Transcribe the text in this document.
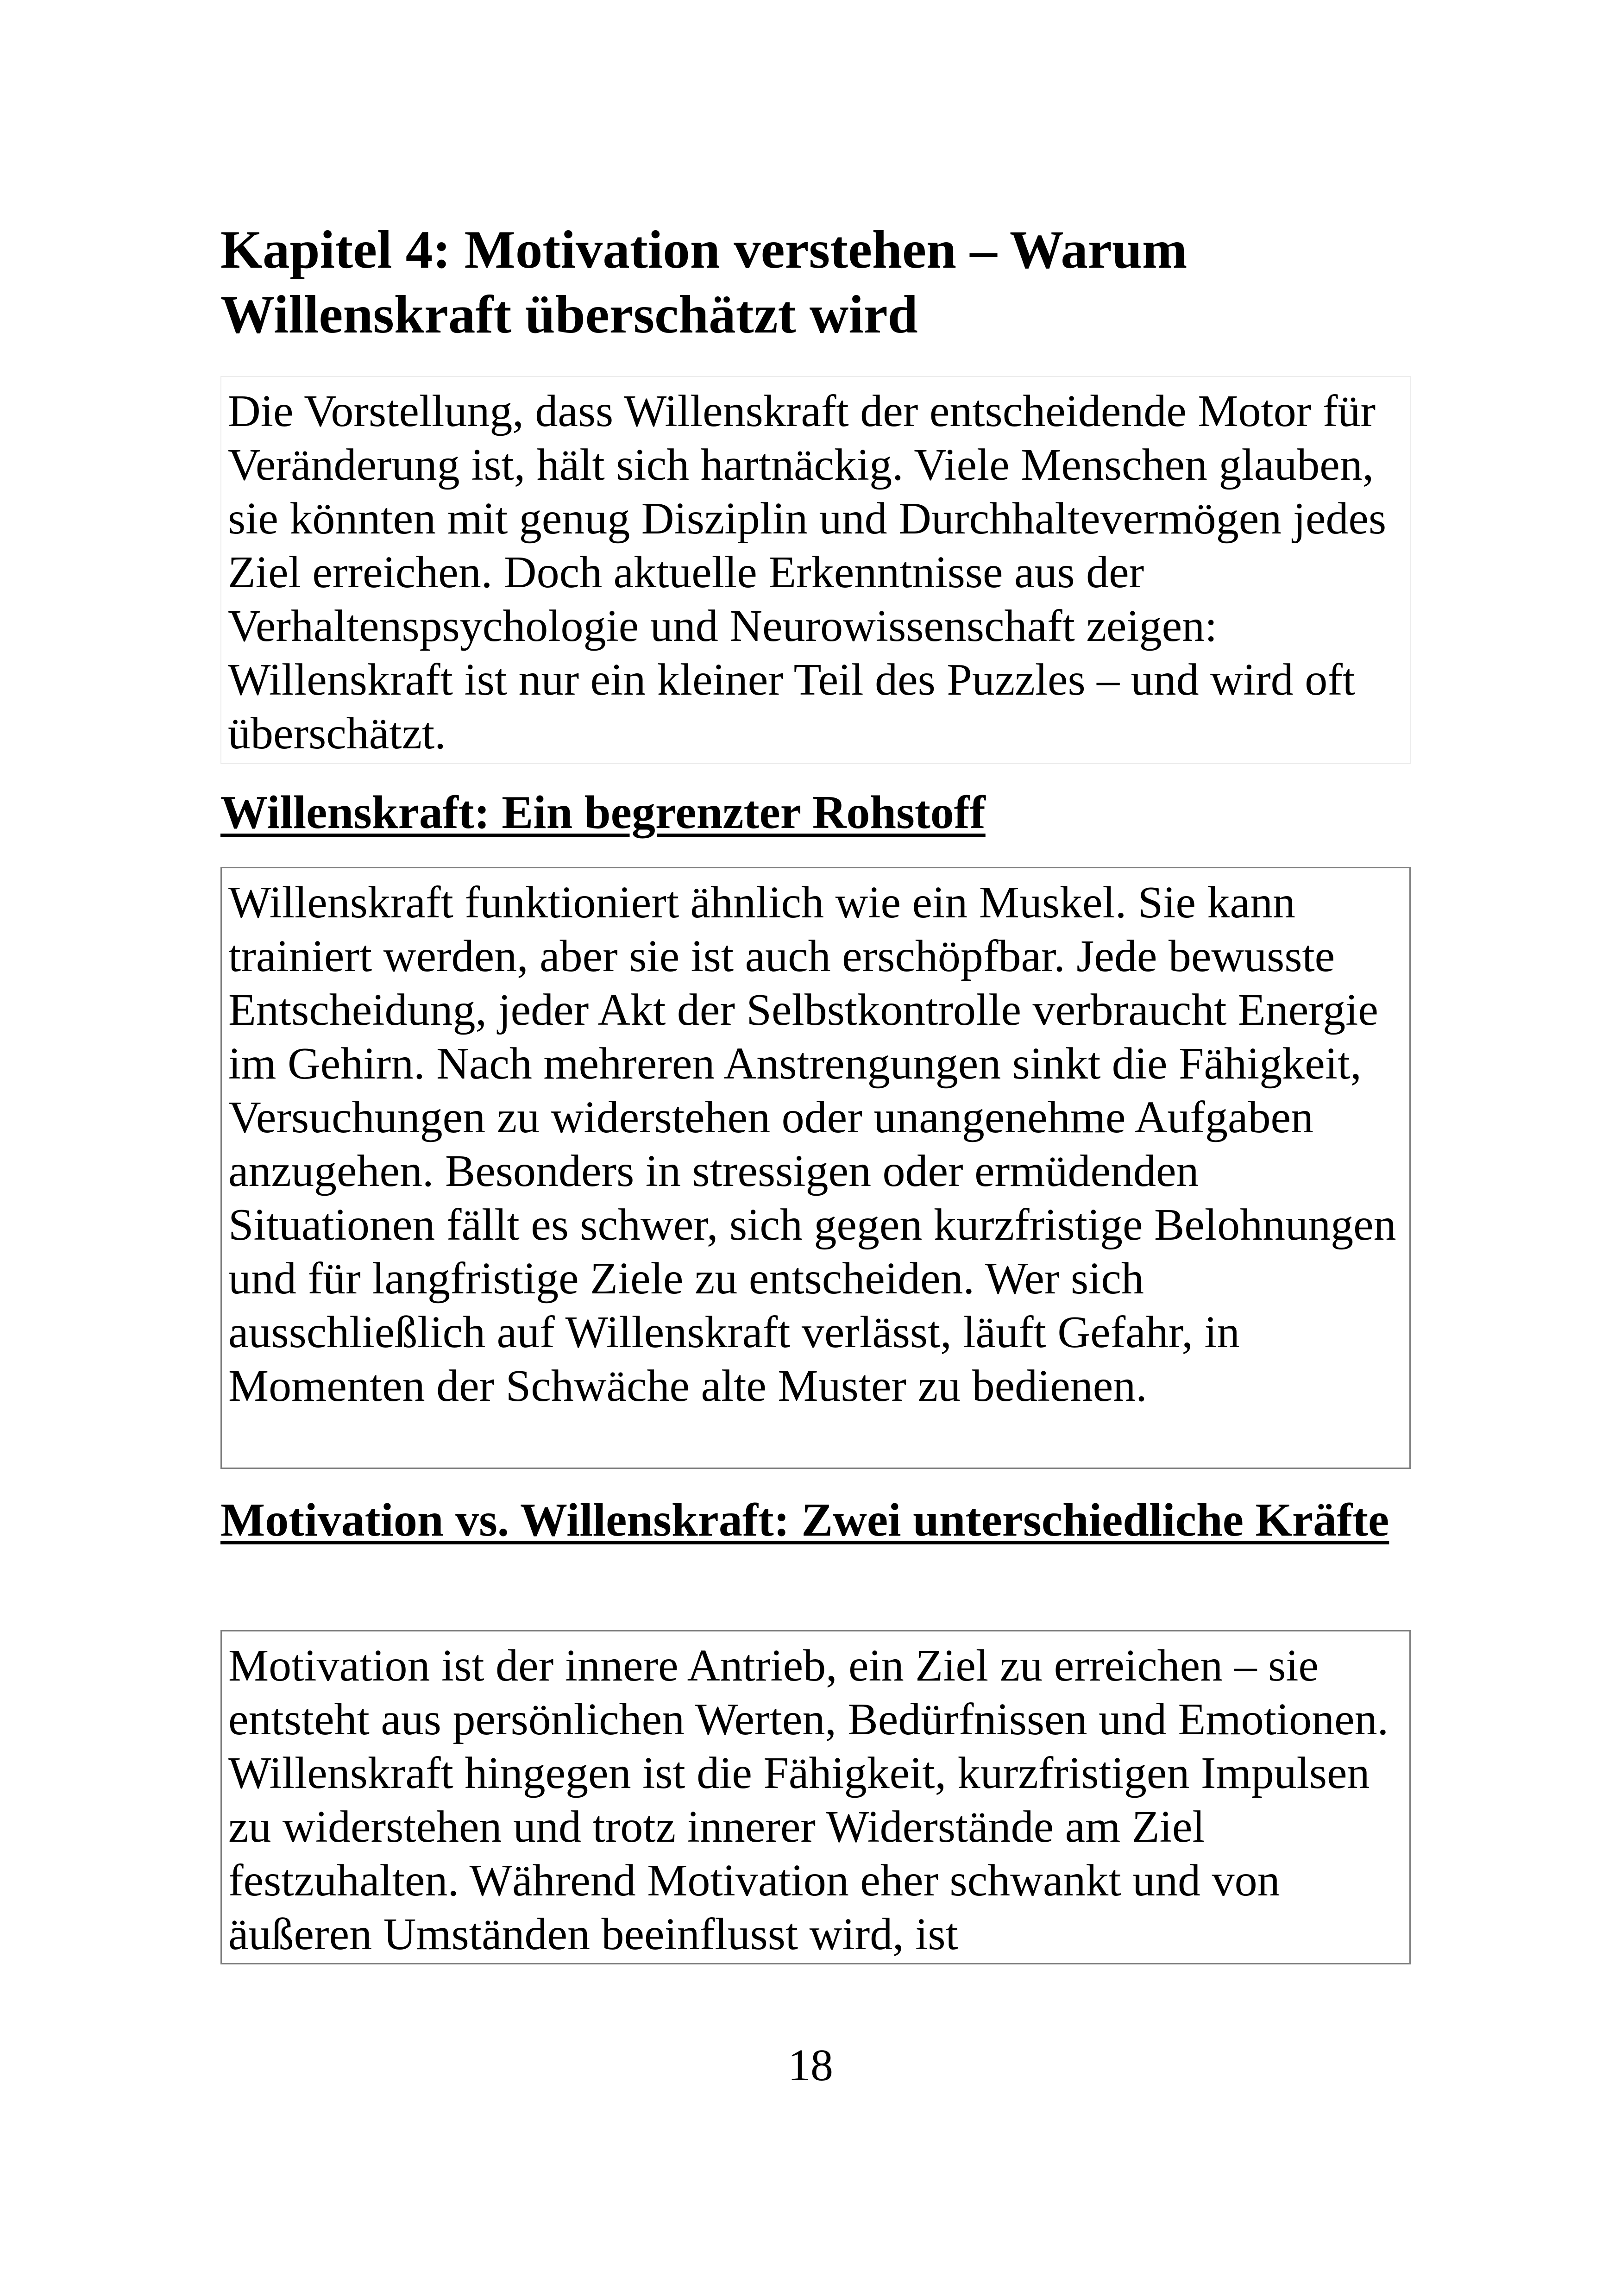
Kapitel 4: Motivation verstehen – Warum Willenskraft überschätzt wird

Die Vorstellung, dass Willenskraft der entscheidende Motor für Veränderung ist, hält sich hartnäckig. Viele Menschen glauben, sie könnten mit genug Disziplin und Durchhaltevermögen jedes Ziel erreichen. Doch aktuelle Erkenntnisse aus der Verhaltenspsychologie und Neurowissenschaft zeigen: Willenskraft ist nur ein kleiner Teil des Puzzles – und wird oft überschätzt.

Willenskraft: Ein begrenzter Rohstoff

Willenskraft funktioniert ähnlich wie ein Muskel. Sie kann trainiert werden, aber sie ist auch erschöpfbar. Jede bewusste Entscheidung, jeder Akt der Selbstkontrolle verbraucht Energie im Gehirn. Nach mehreren Anstrengungen sinkt die Fähigkeit, Versuchungen zu widerstehen oder unangenehme Aufgaben anzugehen. Besonders in stressigen oder ermüdenden Situationen fällt es schwer, sich gegen kurzfristige Belohnungen und für langfristige Ziele zu entscheiden. Wer sich ausschließlich auf Willenskraft verlässt, läuft Gefahr, in Momenten der Schwäche alte Muster zu bedienen.

Motivation vs. Willenskraft: Zwei unterschiedliche Kräfte

Motivation ist der innere Antrieb, ein Ziel zu erreichen – sie entsteht aus persönlichen Werten, Bedürfnissen und Emotionen. Willenskraft hingegen ist die Fähigkeit, kurzfristigen Impulsen zu widerstehen und trotz innerer Widerstände am Ziel festzuhalten. Während Motivation eher schwankt und von äußeren Umständen beeinflusst wird, ist

18
